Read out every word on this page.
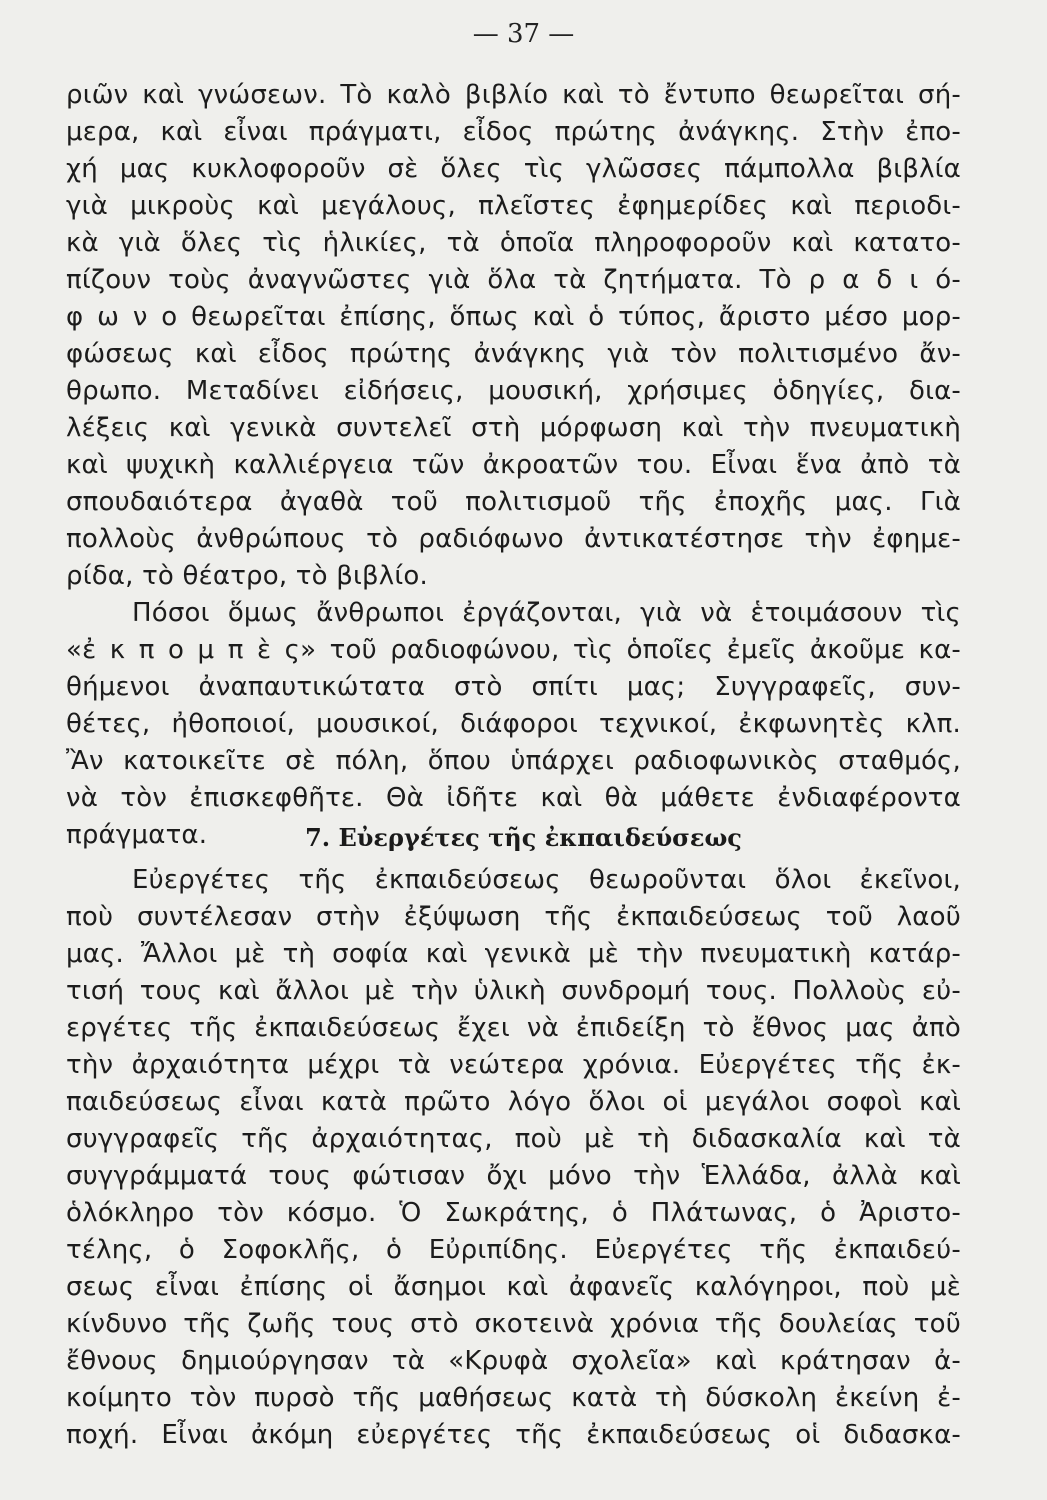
— 37 —
ριῶν καὶ γνώσεων. Τὸ καλὸ βιβλίο καὶ τὸ ἔντυπο θεωρεῖται σή-
μερα, καὶ εἶναι πράγματι, εἶδος πρώτης ἀνάγκης. Στὴν ἐπο-
χή μας κυκλοφοροῦν σὲ ὅλες τὶς γλῶσσες πάμπολλα βιβλία
γιὰ μικροὺς καὶ μεγάλους, πλεῖστες ἐφημερίδες καὶ περιοδι-
κὰ γιὰ ὅλες τὶς ἡλικίες, τὰ ὁποῖα πληροφοροῦν καὶ κατατο-
πίζουν τοὺς ἀναγνῶστες γιὰ ὅλα τὰ ζητήματα. Τὸ ρ α δ ι ό-
φ ω ν ο θεωρεῖται ἐπίσης, ὅπως καὶ ὁ τύπος, ἄριστο μέσο μορ-
φώσεως καὶ εἶδος πρώτης ἀνάγκης γιὰ τὸν πολιτισμένο ἄν-
θρωπο. Μεταδίνει εἰδήσεις, μουσική, χρήσιμες ὁδηγίες, δια-
λέξεις καὶ γενικὰ συντελεῖ στὴ μόρφωση καὶ τὴν πνευματικὴ
καὶ ψυχικὴ καλλιέργεια τῶν ἀκροατῶν του. Εἶναι ἕνα ἀπὸ τὰ
σπουδαιότερα ἀγαθὰ τοῦ πολιτισμοῦ τῆς ἐποχῆς μας. Γιὰ
πολλοὺς ἀνθρώπους τὸ ραδιόφωνο ἀντικατέστησε τὴν ἐφημε-
ρίδα, τὸ θέατρο, τὸ βιβλίο.
Πόσοι ὅμως ἄνθρωποι ἐργάζονται, γιὰ νὰ ἑτοιμάσουν τὶς
«ἐ κ π ο μ π ὲ ς» τοῦ ραδιοφώνου, τὶς ὁποῖες ἐμεῖς ἀκοῦμε κα-
θήμενοι ἀναπαυτικώτατα στὸ σπίτι μας; Συγγραφεῖς, συν-
θέτες, ἠθοποιοί, μουσικοί, διάφοροι τεχνικοί, ἐκφωνητὲς κλπ.
Ἂν κατοικεῖτε σὲ πόλη, ὅπου ὑπάρχει ραδιοφωνικὸς σταθμός,
νὰ τὸν ἐπισκεφθῆτε. Θὰ ἰδῆτε καὶ θὰ μάθετε ἐνδιαφέροντα
πράγματα.	7. Εὐεργέτες τῆς ἐκπαιδεύσεως
Εὐεργέτες τῆς ἐκπαιδεύσεως θεωροῦνται ὅλοι ἐκεῖνοι,
ποὺ συντέλεσαν στὴν ἐξύψωση τῆς ἐκπαιδεύσεως τοῦ λαοῦ
μας. Ἄλλοι μὲ τὴ σοφία καὶ γενικὰ μὲ τὴν πνευματικὴ κατάρ-
τισή τους καὶ ἄλλοι μὲ τὴν ὑλικὴ συνδρομή τους. Πολλοὺς εὐ-
εργέτες τῆς ἐκπαιδεύσεως ἔχει νὰ ἐπιδείξη τὸ ἔθνος μας ἀπὸ
τὴν ἀρχαιότητα μέχρι τὰ νεώτερα χρόνια. Εὐεργέτες τῆς ἐκ-
παιδεύσεως εἶναι κατὰ πρῶτο λόγο ὅλοι οἱ μεγάλοι σοφοὶ καὶ
συγγραφεῖς τῆς ἀρχαιότητας, ποὺ μὲ τὴ διδασκαλία καὶ τὰ
συγγράμματά τους φώτισαν ὄχι μόνο τὴν Ἑλλάδα, ἀλλὰ καὶ
ὁλόκληρο τὸν κόσμο. Ὁ Σωκράτης, ὁ Πλάτωνας, ὁ Ἀριστο-
τέλης, ὁ Σοφοκλῆς, ὁ Εὐριπίδης. Εὐεργέτες τῆς ἐκπαιδεύ-
σεως εἶναι ἐπίσης οἱ ἄσημοι καὶ ἀφανεῖς καλόγηροι, ποὺ μὲ
κίνδυνο τῆς ζωῆς τους στὸ σκοτεινὰ χρόνια τῆς δουλείας τοῦ
ἔθνους δημιούργησαν τὰ «Κρυφὰ σχολεῖα» καὶ κράτησαν ἀ-
κοίμητο τὸν πυρσὸ τῆς μαθήσεως κατὰ τὴ δύσκολη ἐκείνη ἐ-
ποχή. Εἶναι ἀκόμη εὐεργέτες τῆς ἐκπαιδεύσεως οἱ διδασκα-
